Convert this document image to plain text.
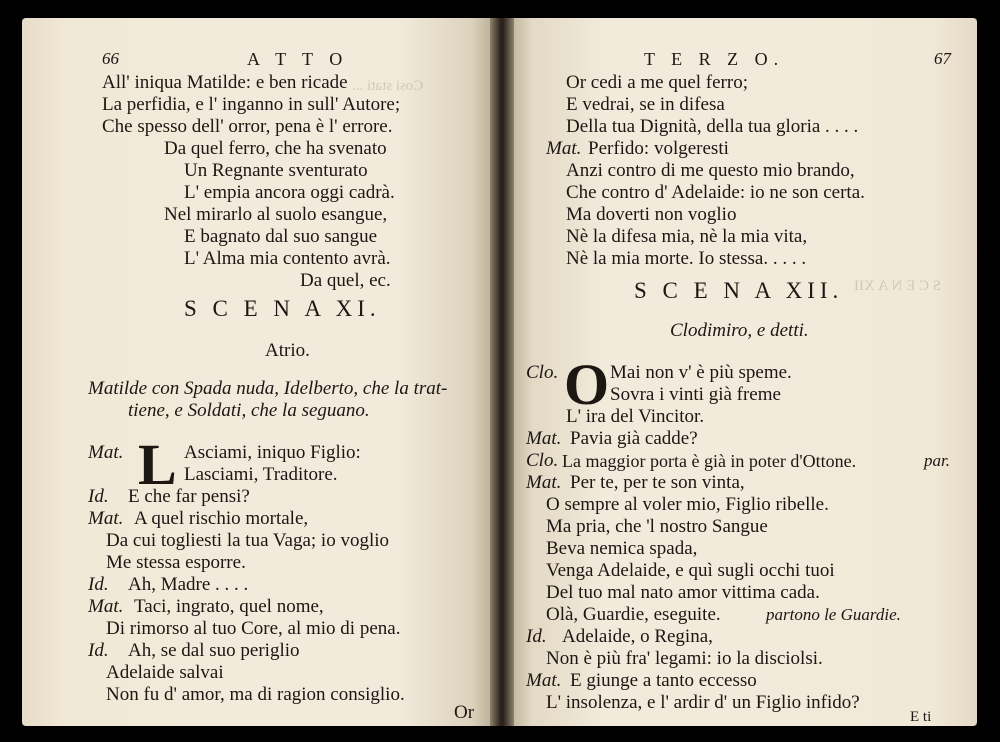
Cosi stati ...
66	A T T O
All' iniqua Matilde: e ben ricade
La perfidia, e l' inganno in sull' Autore;
Che spesso dell' orror, pena è l' errore.
Da quel ferro, che ha svenato
Un Regnante sventurato
L' empia ancora oggi cadrà.
Nel mirarlo al suolo esangue,
E bagnato dal suo sangue
L' Alma mia contento avrà.
Da quel, ec.
S C E N A XI.
Atrio.
Matilde con Spada nuda, Idelberto, che la trat-
tiene, e Soldati, che la seguano.
L
Mat.	Asciami, iniquo Figlio:
Lasciami, Traditore.
Id. E che far pensi?
Mat. A quel rischio mortale,
Da cui togliesti la tua Vaga; io voglio
Me stessa esporre.
Id. Ah, Madre . . . .
Mat. Taci, ingrato, quel nome,
Di rimorso al tuo Core, al mio di pena.
Id. Ah, se dal suo periglio
Adelaide salvai
Non fu d' amor, ma di ragion consiglio.
Or
S C E N A XII
T E R Z O.	67
Or cedi a me quel ferro;
E vedrai, se in difesa
Della tua Dignità, della tua gloria . . . .
Mat. Perfido: volgeresti
Anzi contro di me questo mio brando,
Che contro d' Adelaide: io ne son certa.
Ma doverti non voglio
Nè la difesa mia, nè la mia vita,
Nè la mia morte. Io stessa. . . . .
S C E N A XII.
Clodimiro, e detti.
O
Clo.	Mai non v' è più speme.
Sovra i vinti già freme
L' ira del Vincitor.
Mat. Pavia già cadde?
Clo. La maggior porta è già in poter d'Ottone.	par.
Mat. Per te, per te son vinta,
O sempre al voler mio, Figlio ribelle.
Ma pria, che 'l nostro Sangue
Beva nemica spada,
Venga Adelaide, e quì sugli occhi tuoi
Del tuo mal nato amor vittima cada.
Olà, Guardie, eseguite.	partono le Guardie.
Id. Adelaide, o Regina,
Non è più fra' legami: io la disciolsi.
Mat. E giunge a tanto eccesso
L' insolenza, e l' ardir d' un Figlio infido?
E ti
